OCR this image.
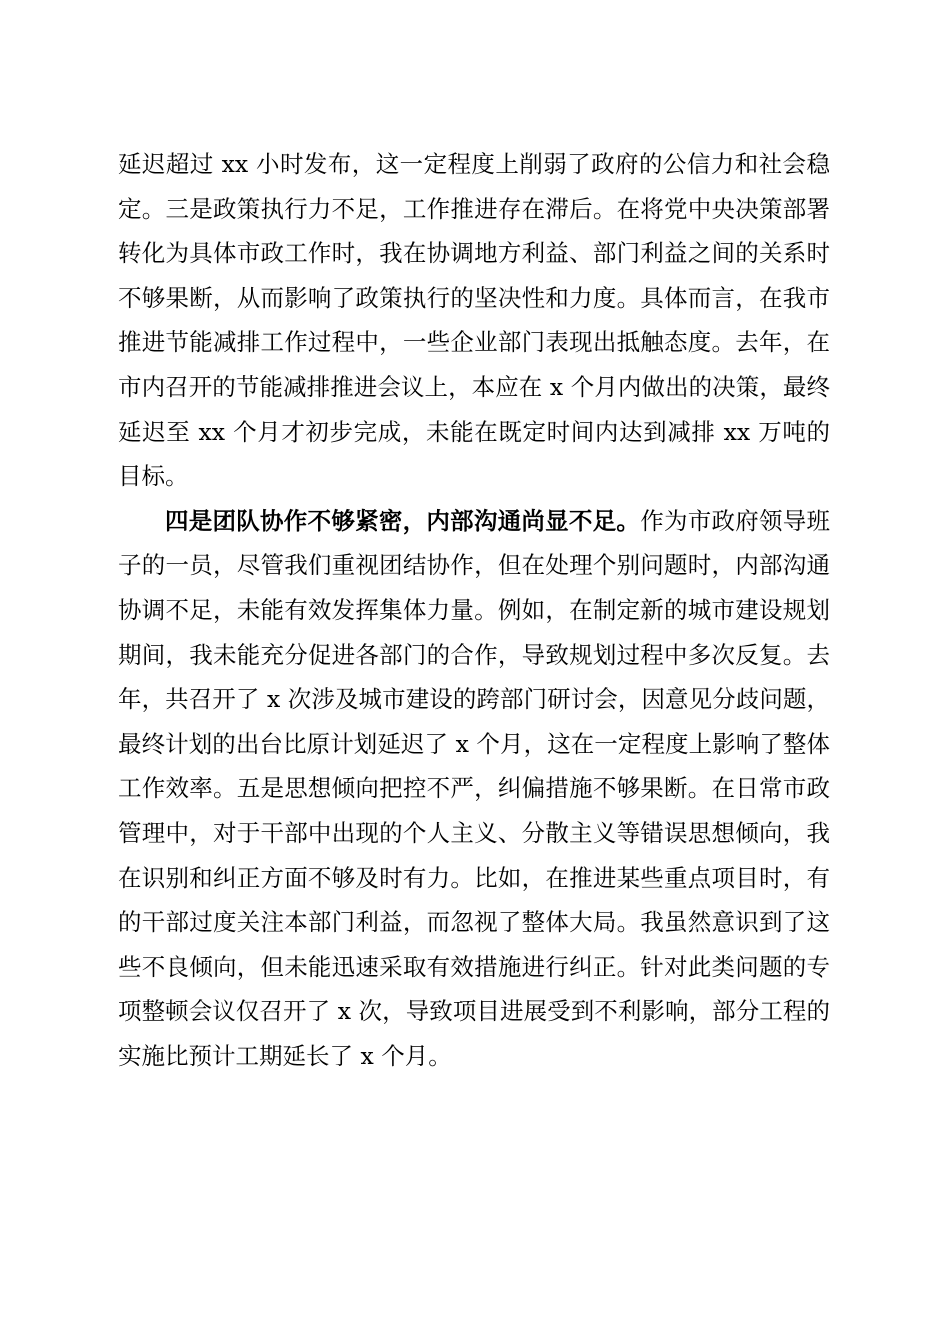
延迟超过 xx 小时发布，这一定程度上削弱了政府的公信力和社会稳定。三是政策执行力不足，工作推进存在滞后。在将党中央决策部署转化为具体市政工作时，我在协调地方利益、部门利益之间的关系时不够果断，从而影响了政策执行的坚决性和力度。具体而言，在我市推进节能减排工作过程中，一些企业部门表现出抵触态度。去年，在市内召开的节能减排推进会议上，本应在 x 个月内做出的决策，最终延迟至 xx 个月才初步完成，未能在既定时间内达到减排 xx 万吨的目标。

四是团队协作不够紧密，内部沟通尚显不足。作为市政府领导班子的一员，尽管我们重视团结协作，但在处理个别问题时，内部沟通协调不足，未能有效发挥集体力量。例如，在制定新的城市建设规划期间，我未能充分促进各部门的合作，导致规划过程中多次反复。去年，共召开了 x 次涉及城市建设的跨部门研讨会，因意见分歧问题，最终计划的出台比原计划延迟了 x 个月，这在一定程度上影响了整体工作效率。五是思想倾向把控不严，纠偏措施不够果断。在日常市政管理中，对于干部中出现的个人主义、分散主义等错误思想倾向，我在识别和纠正方面不够及时有力。比如，在推进某些重点项目时，有的干部过度关注本部门利益，而忽视了整体大局。我虽然意识到了这些不良倾向，但未能迅速采取有效措施进行纠正。针对此类问题的专项整顿会议仅召开了 x 次，导致项目进展受到不利影响，部分工程的实施比预计工期延长了 x 个月。
